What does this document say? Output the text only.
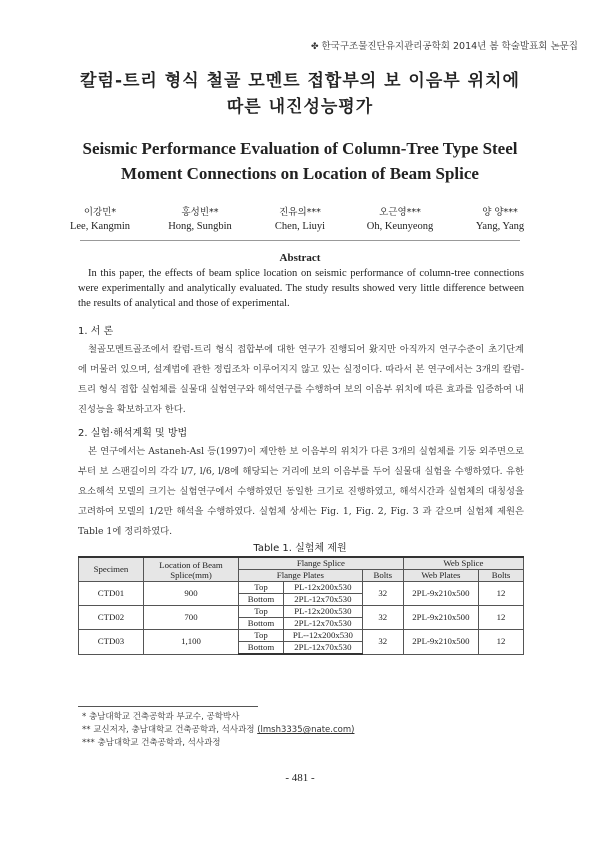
✤ 한국구조물진단유지관리공학회 2014년 봄 학술발표회 논문집
칼럼-트리 형식 철골 모멘트 접합부의 보 이음부 위치에
따른 내진성능평가
Seismic Performance Evaluation of Column-Tree Type Steel
Moment Connections on Location of Beam Splice
이강민*
Lee, Kangmin
홍성빈**
Hong, Sungbin
진유의***
Chen, Liuyi
오근영***
Oh, Keunyeong
양 양***
Yang, Yang
Abstract
In this paper, the effects of beam splice location on seismic performance of column-tree connections were experimentally and analytically evaluated. The study results showed very little difference between the results of analytical and those of experimental.
1. 서 론
철골모멘트골조에서 칼럼-트리 형식 접합부에 대한 연구가 진행되어 왔지만 아직까지 연구수준이 초기단계에 머물러 있으며, 설계법에 관한 정립조차 이루어지지 않고 있는 실정이다. 따라서 본 연구에서는 3개의 칼럼-트리 형식 접합 실험체를 실물대 실험연구와 해석연구를 수행하여 보의 이음부 위치에 따른 효과를 입증하여 내진성능을 확보하고자 한다.
2. 실험·해석계획 및 방법
본 연구에서는 Astaneh-Asl 등(1997)이 제안한 보 이음부의 위치가 다른 3개의 실험체를 기둥 외주면으로부터 보 스팬길이의 각각 l/7, l/6, l/8에 해당되는 거리에 보의 이음부를 두어 실물대 실험을 수행하였다. 유한요소해석 모델의 크기는 실험연구에서 수행하였던 동일한 크기로 진행하였고, 해석시간과 실험체의 대칭성을 고려하여 모델의 1/2만 해석을 수행하였다. 실험체 상세는 Fig. 1, Fig. 2, Fig. 3 과 같으며 실험체 제원은 Table 1에 정리하였다.
Table 1. 실험체 제원
Specimen	Location of Beam Splice(mm)	Flange Splice			Web Splice	
		Flange Plates		Bolts	Web Plates	Bolts
CTD01	900	Top	PL-12x200x530	32	2PL-9x210x500	12
		Bottom	2PL-12x70x530			
CTD02	700	Top	PL-12x200x530	32	2PL-9x210x500	12
		Bottom	2PL-12x70x530			
CTD03	1,100	Top	PL--12x200x530	32	2PL-9x210x500	12
		Bottom	2PL-12x70x530			
* 충남대학교 건축공학과 부교수, 공학박사
** 교신저자, 충남대학교 건축공학과, 석사과정 (lmsh3335@nate.com)
*** 충남대학교 건축공학과, 석사과정
- 481 -
